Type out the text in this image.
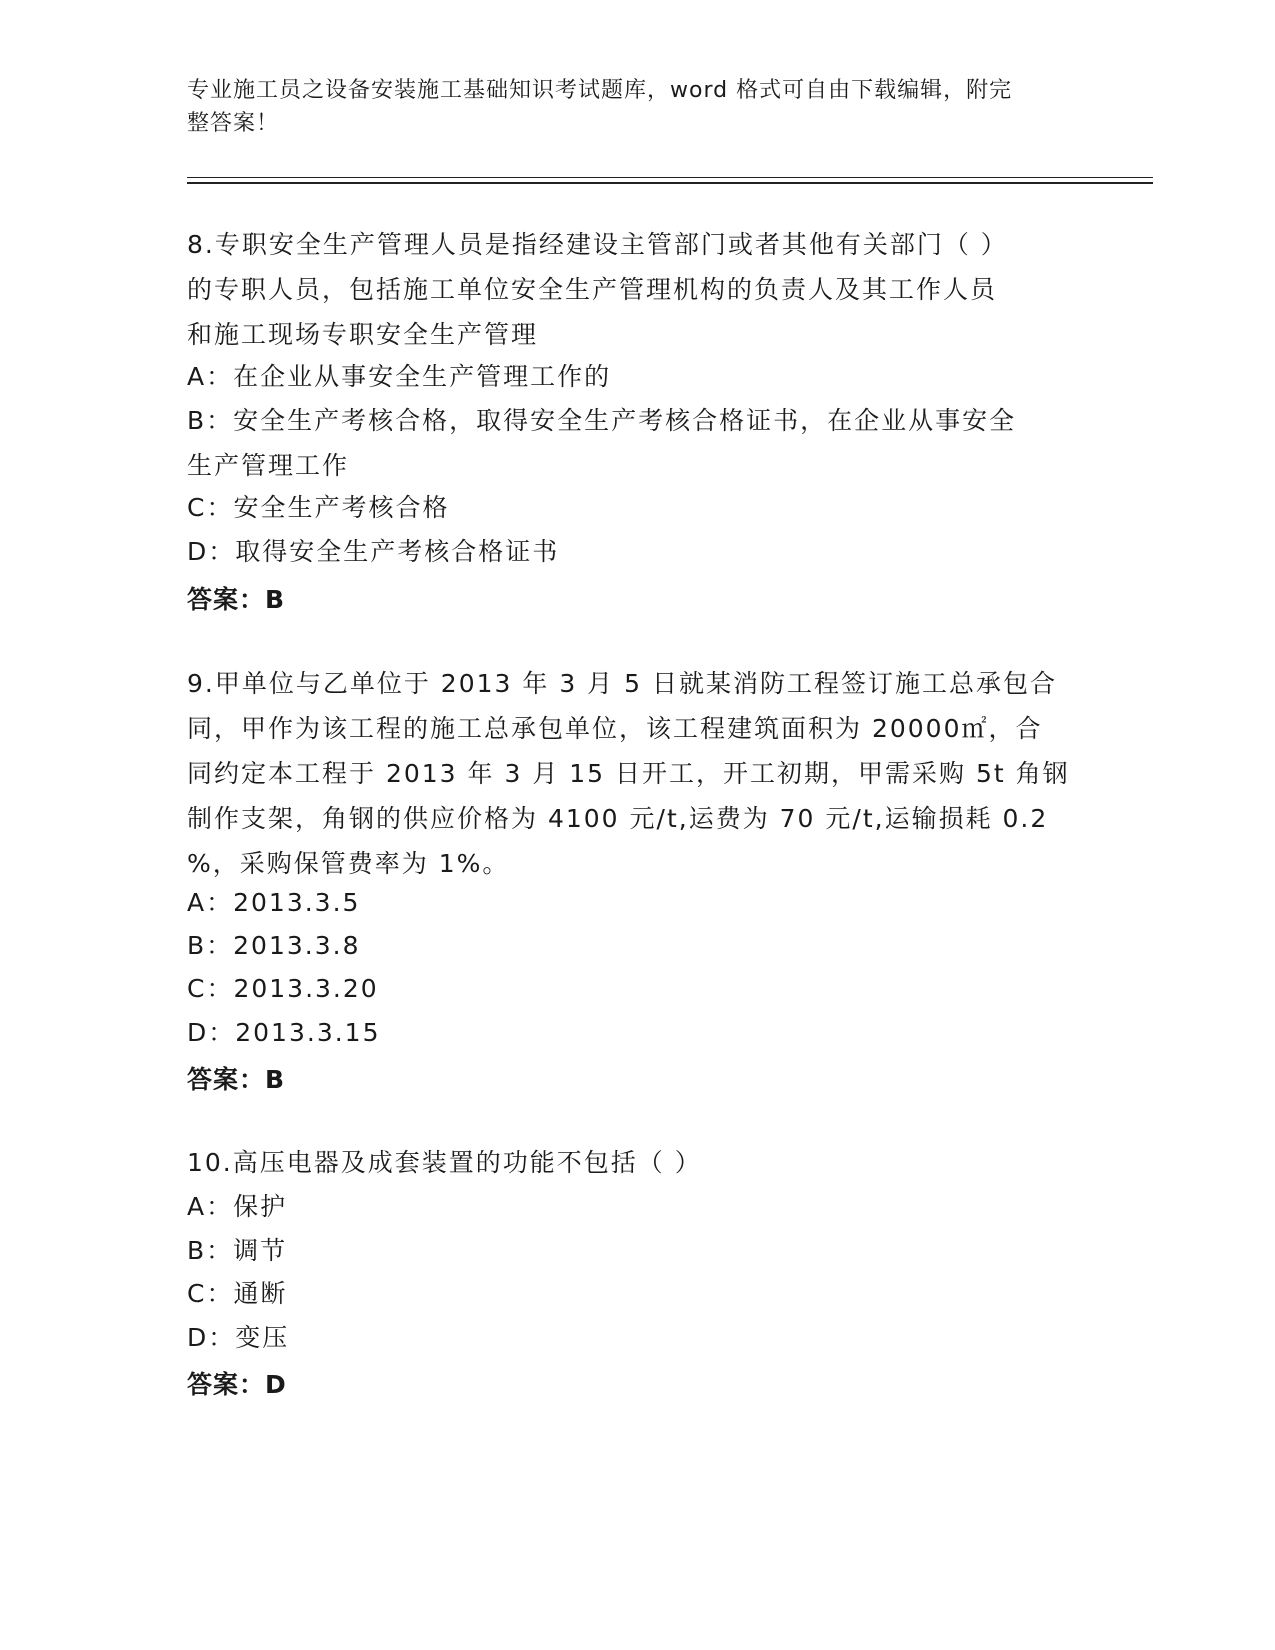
专业施工员之设备安装施工基础知识考试题库，word 格式可自由下载编辑，附完
整答案！
8.专职安全生产管理人员是指经建设主管部门或者其他有关部门（ ）
的专职人员，包括施工单位安全生产管理机构的负责人及其工作人员
和施工现场专职安全生产管理
A：在企业从事安全生产管理工作的
B：安全生产考核合格，取得安全生产考核合格证书，在企业从事安全
生产管理工作
C：安全生产考核合格
D：取得安全生产考核合格证书
答案：B
9.甲单位与乙单位于 2013 年 3 月 5 日就某消防工程签订施工总承包合
同，甲作为该工程的施工总承包单位，该工程建筑面积为 20000㎡，合
同约定本工程于 2013 年 3 月 15 日开工，开工初期，甲需采购 5t 角钢
制作支架，角钢的供应价格为 4100 元/t,运费为 70 元/t,运输损耗 0.2
%，采购保管费率为 1%。
A：2013.3.5
B：2013.3.8
C：2013.3.20
D：2013.3.15
答案：B
10.高压电器及成套装置的功能不包括（ ）
A：保护
B：调节
C：通断
D：变压
答案：D
